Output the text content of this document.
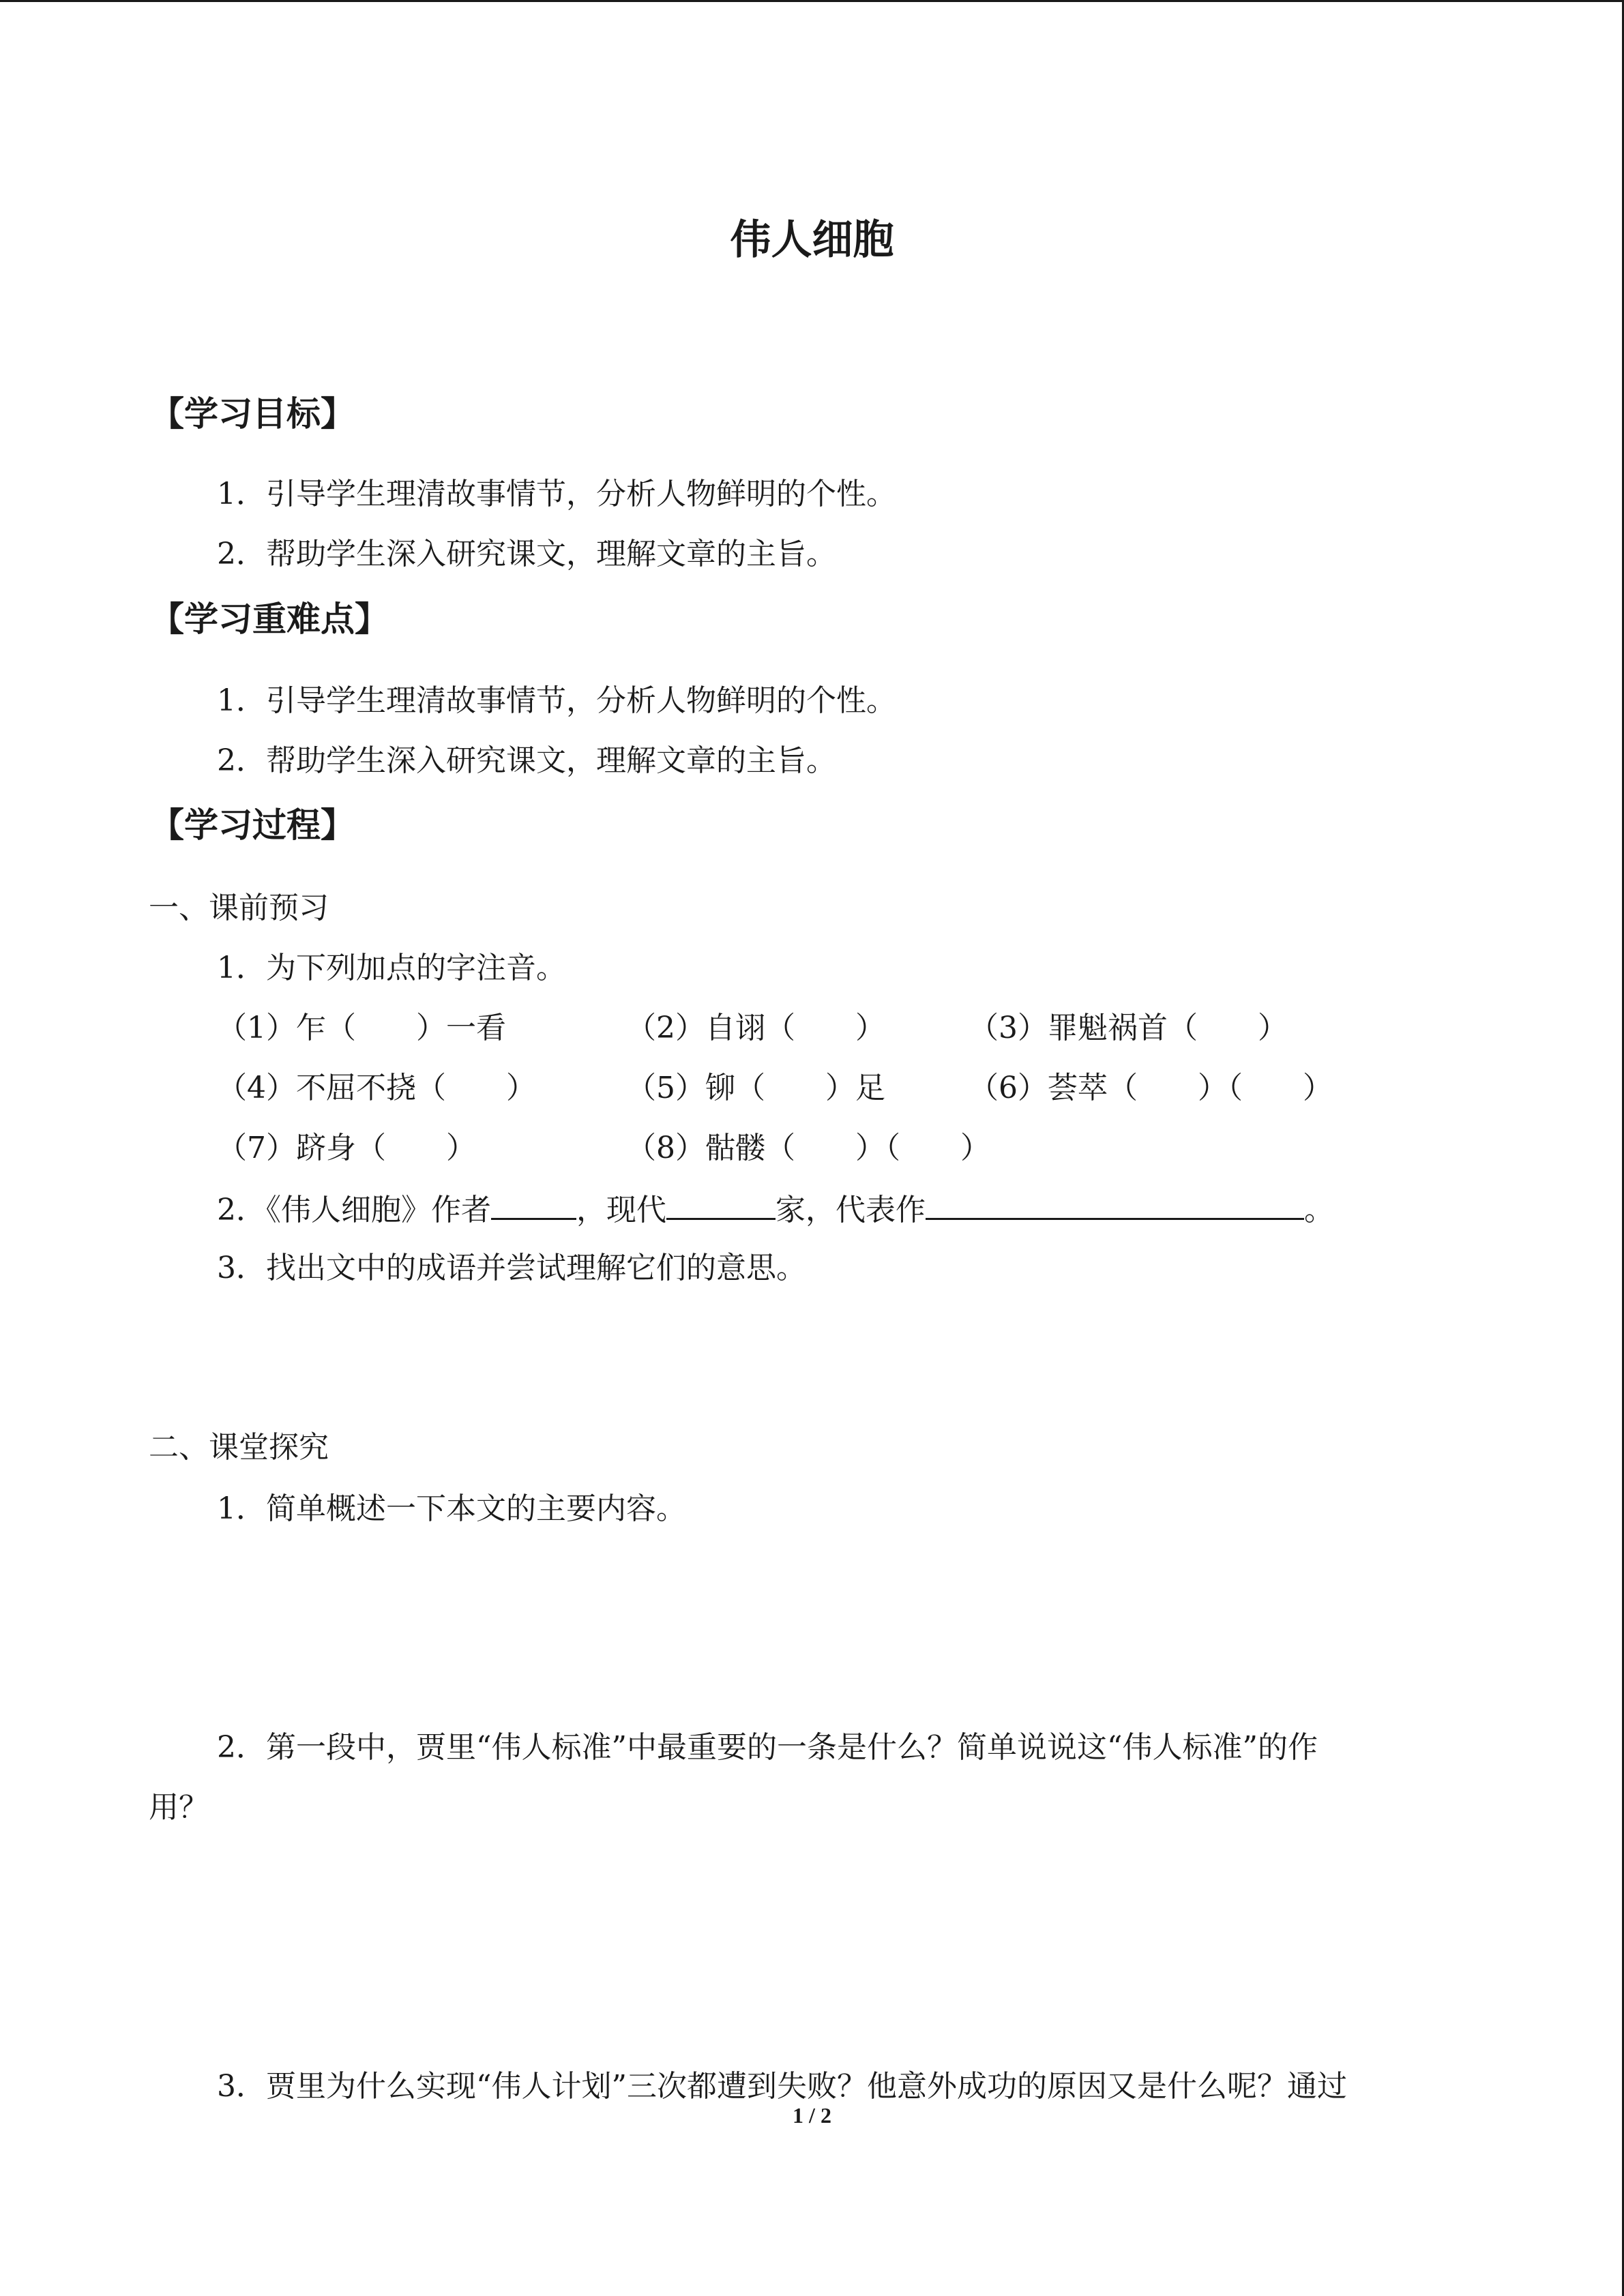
伟人细胞
【学习目标】
1．引导学生理清故事情节，分析人物鲜明的个性。
2．帮助学生深入研究课文，理解文章的主旨。
【学习重难点】
1．引导学生理清故事情节，分析人物鲜明的个性。
2．帮助学生深入研究课文，理解文章的主旨。
【学习过程】
一、课前预习
1．为下列加点的字注音。
（1）乍（　　）一看	（2）自诩（　　）	（3）罪魁祸首（　　）
（4）不屈不挠（　　）	（5）铆（　　）足	（6）荟萃（　　）（　　）
（7）跻身（　　）	（8）骷髅（　　）（　　）
2．《伟人细胞》作者	，现代	家，代表作	。
3．找出文中的成语并尝试理解它们的意思。
二、课堂探究
1．简单概述一下本文的主要内容。
2．第一段中，贾里“伟人标准”中最重要的一条是什么？简单说说这“伟人标准”的作
用？
3．贾里为什么实现“伟人计划”三次都遭到失败？他意外成功的原因又是什么呢？通过
1 / 2
